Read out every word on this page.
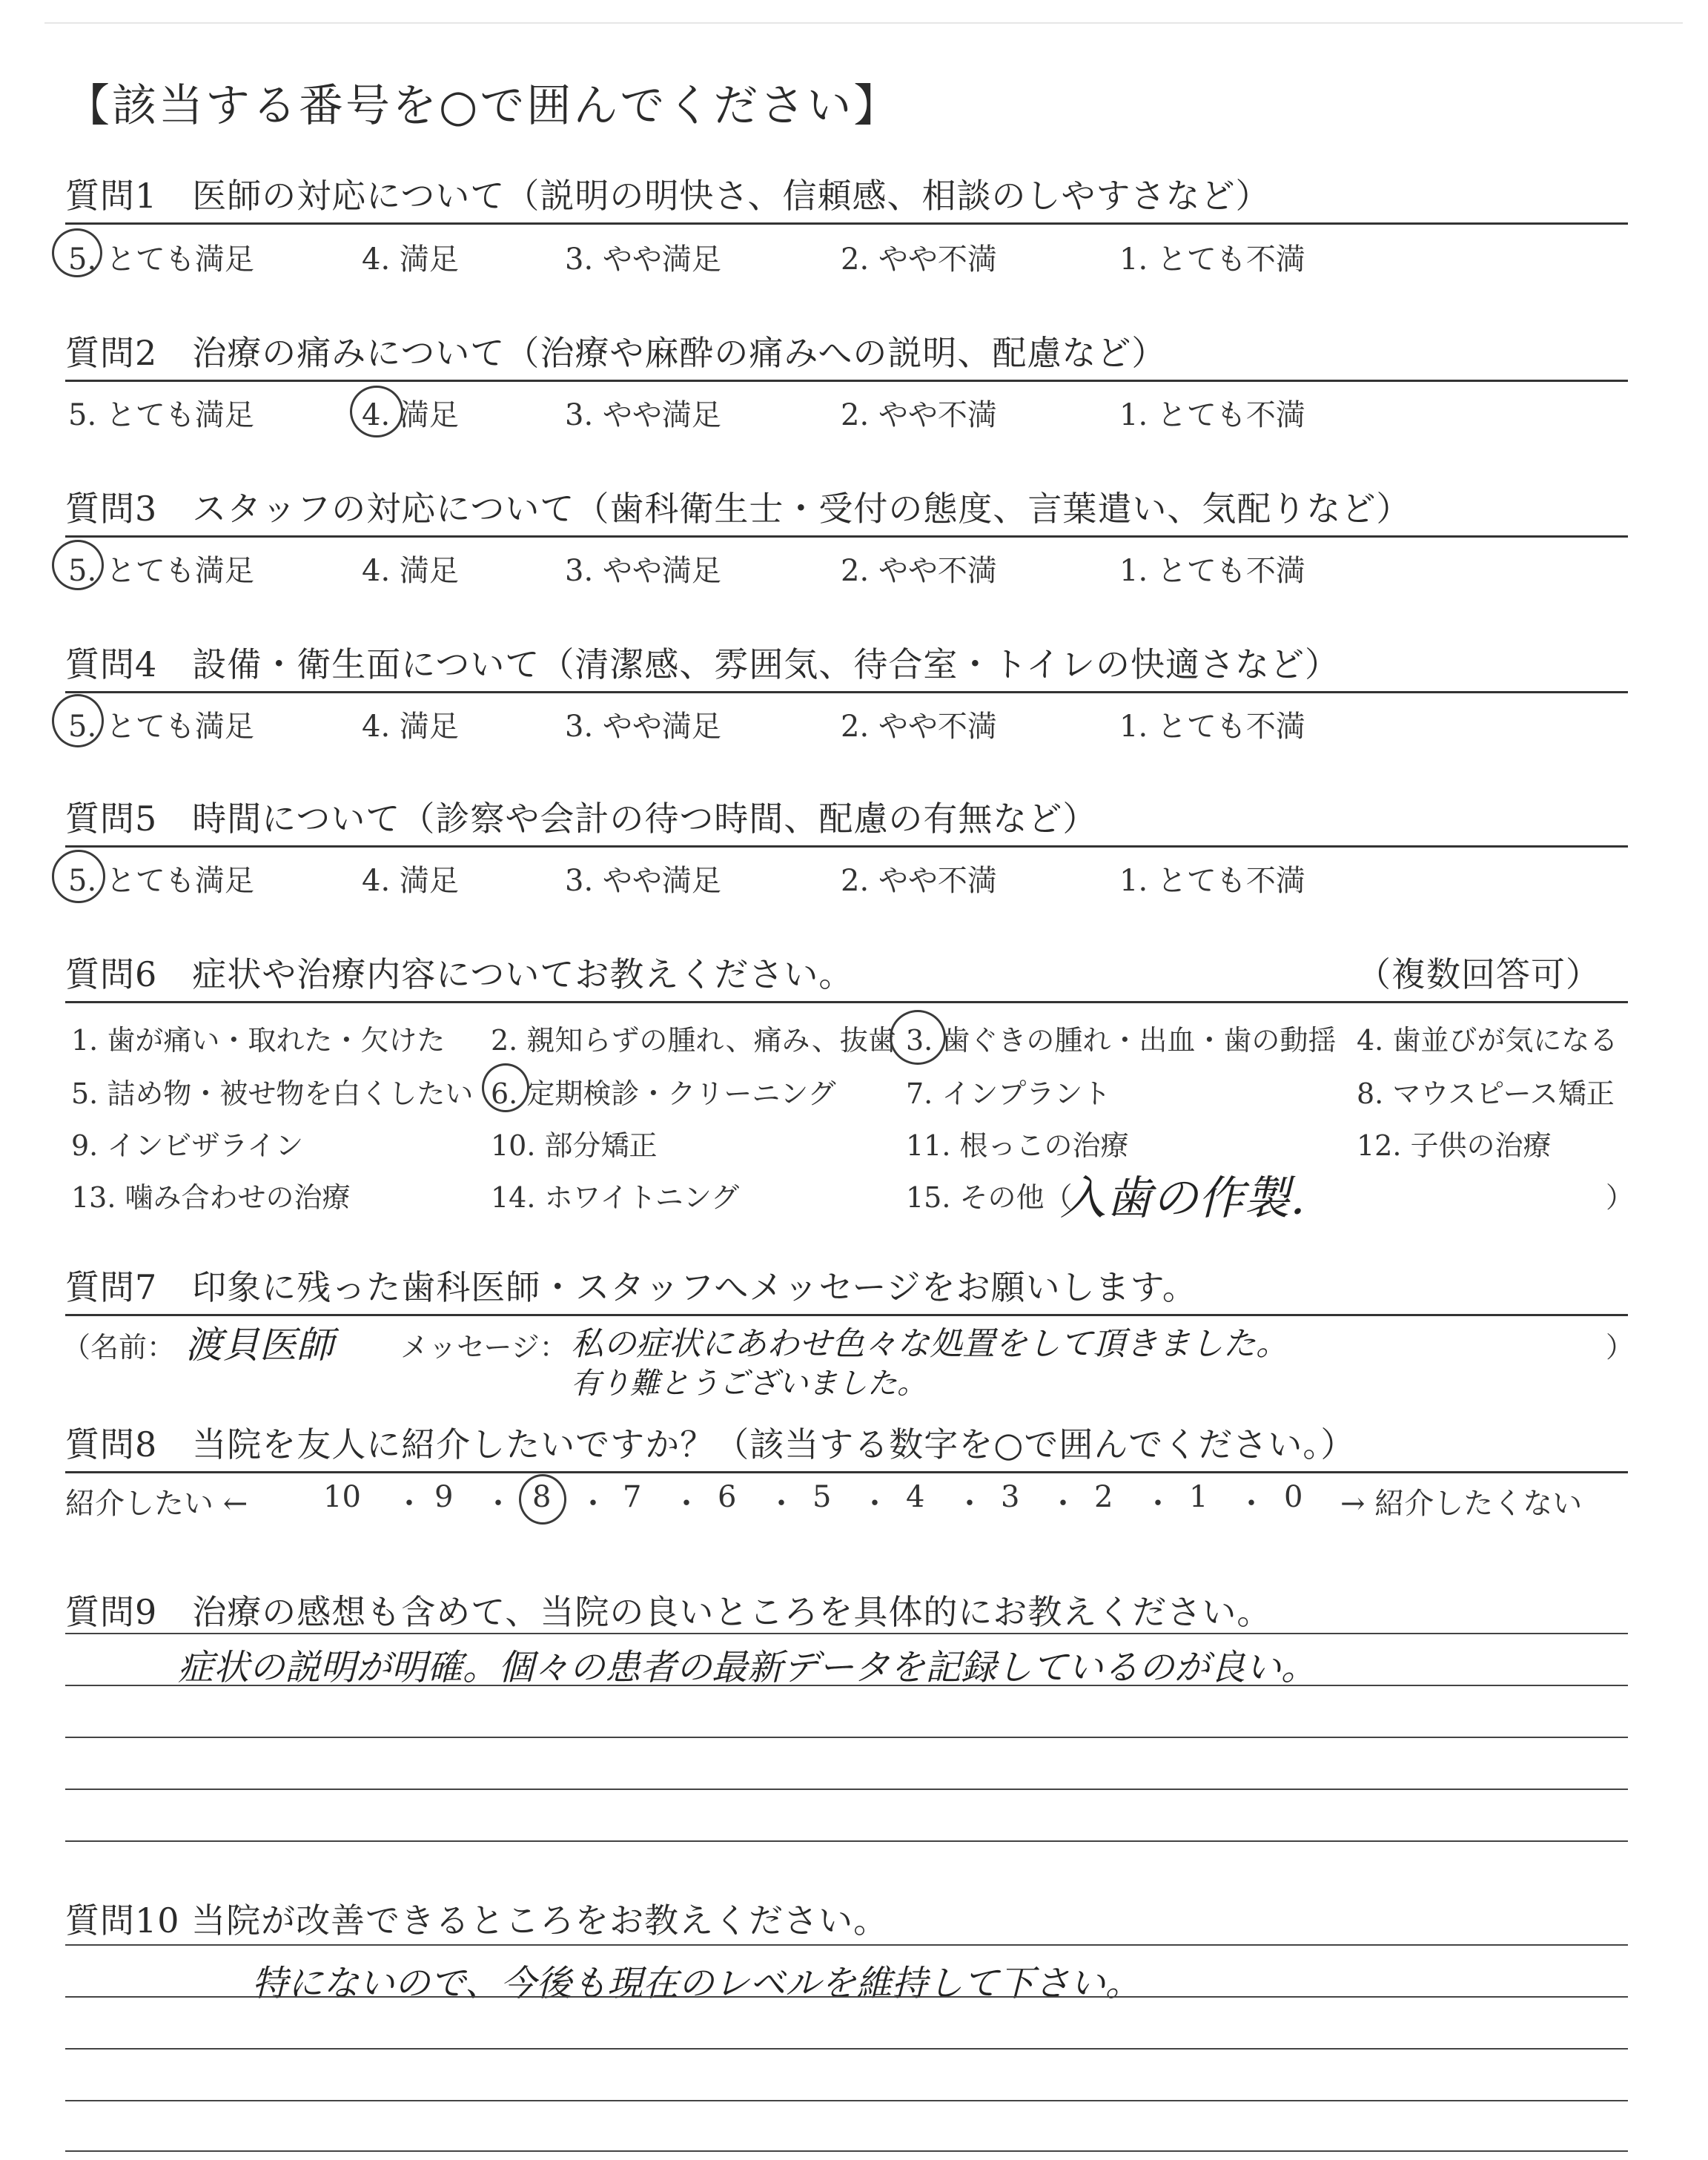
【該当する番号を○で囲んでください】
質問1　医師の対応について（説明の明快さ、信頼感、相談のしやすさなど）
5. とても満足	4. 満足	3. やや満足	2. やや不満	1. とても不満
質問2　治療の痛みについて（治療や麻酔の痛みへの説明、配慮など）
5. とても満足	4. 満足	3. やや満足	2. やや不満	1. とても不満
質問3　スタッフの対応について（歯科衛生士・受付の態度、言葉遣い、気配りなど）
5. とても満足	4. 満足	3. やや満足	2. やや不満	1. とても不満
質問4　設備・衛生面について（清潔感、雰囲気、待合室・トイレの快適さなど）
5. とても満足	4. 満足	3. やや満足	2. やや不満	1. とても不満
質問5　時間について（診察や会計の待つ時間、配慮の有無など）
5. とても満足	4. 満足	3. やや満足	2. やや不満	1. とても不満
質問6　症状や治療内容についてお教えください。	（複数回答可）
1. 歯が痛い・取れた・欠けた 2. 親知らずの腫れ、痛み、抜歯 3. 歯ぐきの腫れ・出血・歯の動揺 4. 歯並びが気になる
5. 詰め物・被せ物を白くしたい 6. 定期検診・クリーニング 7. インプラント	8. マウスピース矯正
9. インビザライン	10. 部分矯正	11. 根っこの治療	12. 子供の治療
13. 噛み合わせの治療	14. ホワイトニング	15. その他（
入歯の作製．	）
質問7　印象に残った歯科医師・スタッフへメッセージをお願いします。
（名前： 渡貝医師 メッセージ： 私の症状にあわせ色々な処置をして頂きました。
有り難とうございました。
）
質問8　当院を友人に紹介したいですか？（該当する数字を○で囲んでください。）
紹介したい ←	10 ・ 9 ・ 8 ・ 7 ・ 6 ・ 5 ・ 4 ・ 3 ・ 2 ・ 1 ・ 0 → 紹介したくない
質問9　治療の感想も含めて、当院の良いところを具体的にお教えください。
症状の説明が明確。個々の患者の最新データを記録しているのが良い。
質問10 当院が改善できるところをお教えください。
特にないので、今後も現在のレベルを維持して下さい。
